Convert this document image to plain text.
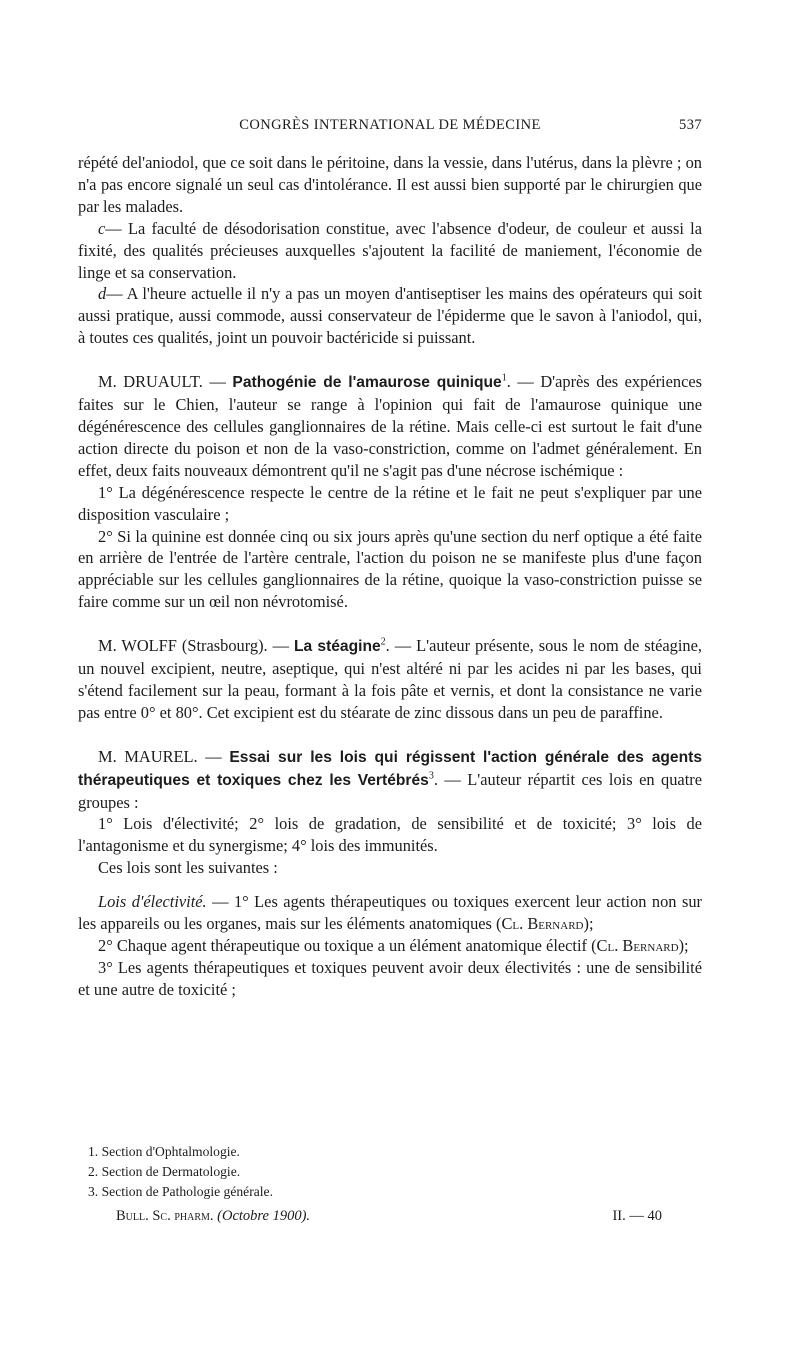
CONGRÈS INTERNATIONAL DE MÉDECINE	537

répété del'aniodol, que ce soit dans le péritoine, dans la vessie, dans l'utérus, dans la plèvre ; on n'a pas encore signalé un seul cas d'intolérance. Il est aussi bien supporté par le chirurgien que par les malades.

c— La faculté de désodorisation constitue, avec l'absence d'odeur, de couleur et aussi la fixité, des qualités précieuses auxquelles s'ajoutent la facilité de maniement, l'économie de linge et sa conservation.

d— A l'heure actuelle il n'y a pas un moyen d'antiseptiser les mains des opérateurs qui soit aussi pratique, aussi commode, aussi conservateur de l'épiderme que le savon à l'aniodol, qui, à toutes ces qualités, joint un pouvoir bactéricide si puissant.

M. DRUAULT. — Pathogénie de l'amaurose quinique$^1$. — D'après des expériences faites sur le Chien, l'auteur se range à l'opinion qui fait de l'amaurose quinique une dégénérescence des cellules ganglionnaires de la rétine. Mais celle-ci est surtout le fait d'une action directe du poison et non de la vaso-constriction, comme on l'admet généralement. En effet, deux faits nouveaux démontrent qu'il ne s'agit pas d'une nécrose ischémique :

1° La dégénérescence respecte le centre de la rétine et le fait ne peut s'expliquer par une disposition vasculaire ;

2° Si la quinine est donnée cinq ou six jours après qu'une section du nerf optique a été faite en arrière de l'entrée de l'artère centrale, l'action du poison ne se manifeste plus d'une façon appréciable sur les cellules ganglionnaires de la rétine, quoique la vaso-constriction puisse se faire comme sur un œil non névrotomisé.

M. WOLFF (Strasbourg). — La stéagine$^2$. — L'auteur présente, sous le nom de stéagine, un nouvel excipient, neutre, aseptique, qui n'est altéré ni par les acides ni par les bases, qui s'étend facilement sur la peau, formant à la fois pâte et vernis, et dont la consistance ne varie pas entre 0° et 80°. Cet excipient est du stéarate de zinc dissous dans un peu de paraffine.

M. MAUREL. — Essai sur les lois qui régissent l'action générale des agents thérapeutiques et toxiques chez les Vertébrés$^3$. — L'auteur répartit ces lois en quatre groupes :

1° Lois d'électivité; 2° lois de gradation, de sensibilité et de toxicité; 3° lois de l'antagonisme et du synergisme; 4° lois des immunités.

Ces lois sont les suivantes :

Lois d'électivité. — 1° Les agents thérapeutiques ou toxiques exercent leur action non sur les appareils ou les organes, mais sur les éléments anatomiques (Cl. Bernard);

2° Chaque agent thérapeutique ou toxique a un élément anatomique électif (Cl. Bernard);

3° Les agents thérapeutiques et toxiques peuvent avoir deux électivités : une de sensibilité et une autre de toxicité ;

1. Section d'Ophtalmologie.
2. Section de Dermatologie.
3. Section de Pathologie générale.
Bull. Sc. pharm. (Octobre 1900).	II. — 40
